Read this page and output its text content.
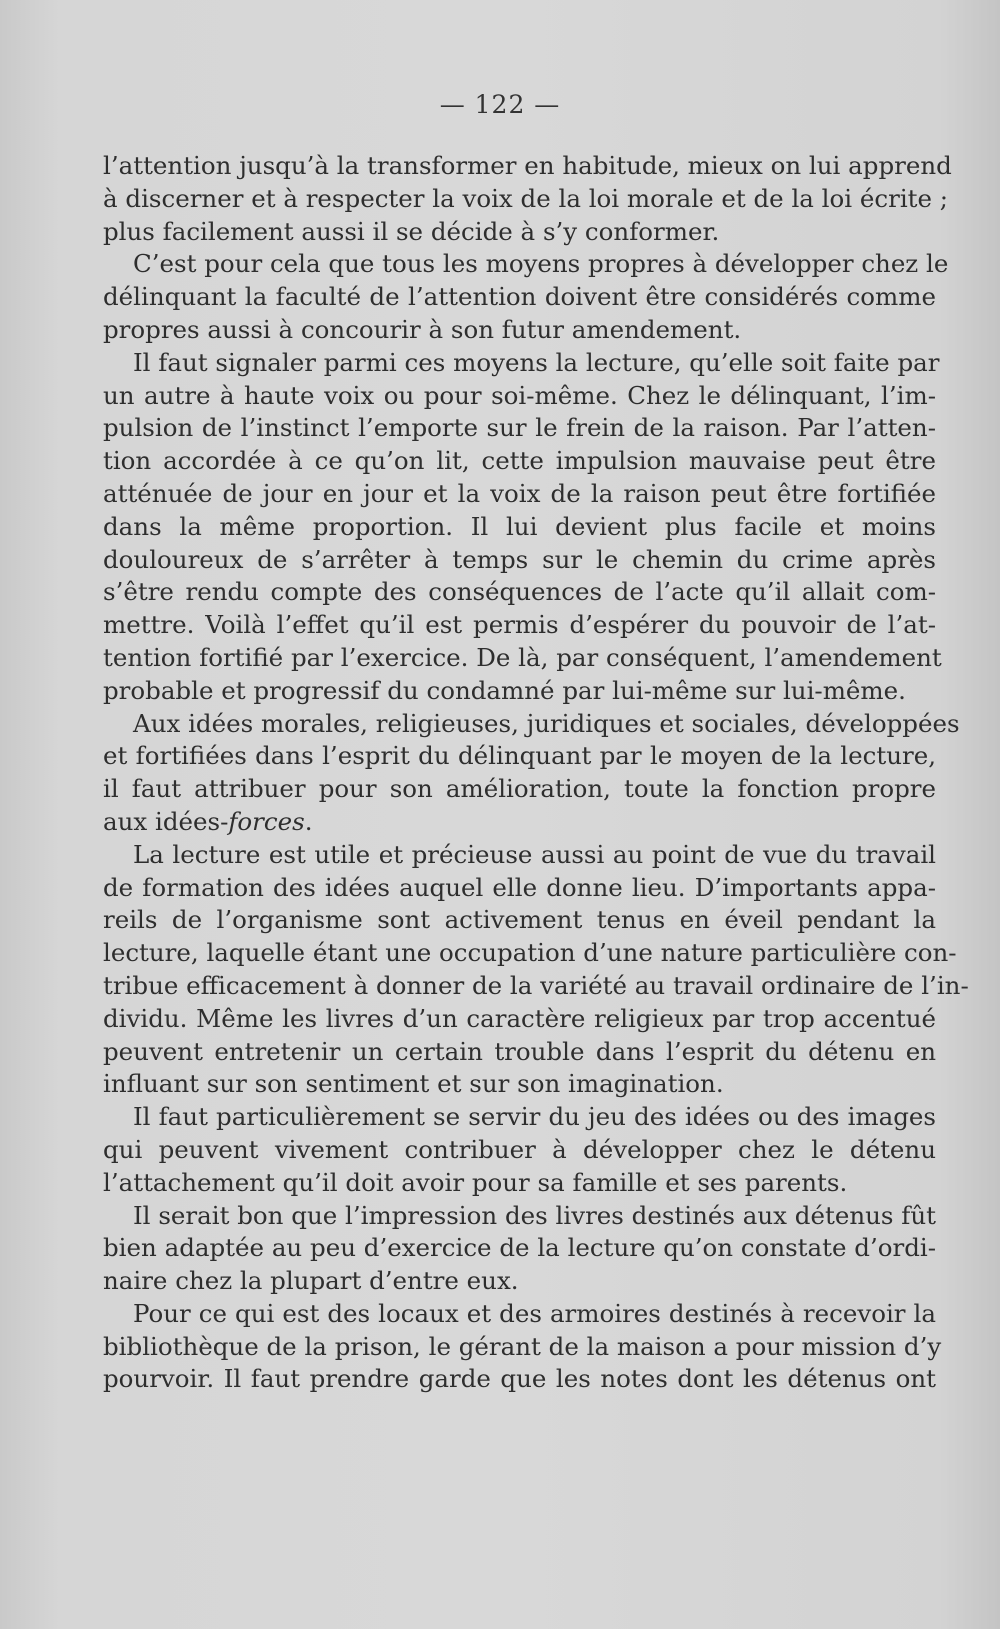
— 122 —

l’attention jusqu’à la transformer en habitude, mieux on lui apprend
à discerner et à respecter la voix de la loi morale et de la loi écrite ;
plus facilement aussi il se décide à s’y conformer.

C’est pour cela que tous les moyens propres à développer chez le
délinquant la faculté de l’attention doivent être considérés comme
propres aussi à concourir à son futur amendement.

Il faut signaler parmi ces moyens la lecture, qu’elle soit faite par
un autre à haute voix ou pour soi-même. Chez le délinquant, l’im-
pulsion de l’instinct l’emporte sur le frein de la raison. Par l’atten-
tion accordée à ce qu’on lit, cette impulsion mauvaise peut être
atténuée de jour en jour et la voix de la raison peut être fortifiée
dans la même proportion. Il lui devient plus facile et moins
douloureux de s’arrêter à temps sur le chemin du crime après
s’être rendu compte des conséquences de l’acte qu’il allait com-
mettre. Voilà l’effet qu’il est permis d’espérer du pouvoir de l’at-
tention fortifié par l’exercice. De là, par conséquent, l’amendement
probable et progressif du condamné par lui-même sur lui-même.

Aux idées morales, religieuses, juridiques et sociales, développées
et fortifiées dans l’esprit du délinquant par le moyen de la lecture,
il faut attribuer pour son amélioration, toute la fonction propre
aux idées-forces.

La lecture est utile et précieuse aussi au point de vue du travail
de formation des idées auquel elle donne lieu. D’importants appa-
reils de l’organisme sont activement tenus en éveil pendant la
lecture, laquelle étant une occupation d’une nature particulière con-
tribue efficacement à donner de la variété au travail ordinaire de l’in-
dividu. Même les livres d’un caractère religieux par trop accentué
peuvent entretenir un certain trouble dans l’esprit du détenu en
influant sur son sentiment et sur son imagination.

Il faut particulièrement se servir du jeu des idées ou des images
qui peuvent vivement contribuer à développer chez le détenu
l’attachement qu’il doit avoir pour sa famille et ses parents.

Il serait bon que l’impression des livres destinés aux détenus fût
bien adaptée au peu d’exercice de la lecture qu’on constate d’ordi-
naire chez la plupart d’entre eux.

Pour ce qui est des locaux et des armoires destinés à recevoir la
bibliothèque de la prison, le gérant de la maison a pour mission d’y
pourvoir. Il faut prendre garde que les notes dont les détenus ont
